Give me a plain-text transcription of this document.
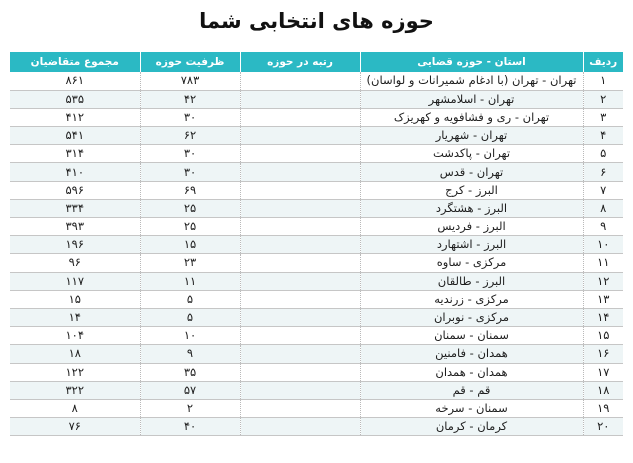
حوزه های انتخابی شما
ردیف	استان - حوزه قضایی	رتبه در حوزه	ظرفیت حوزه	مجموع متقاضیان
۱	تهران - تهران (با ادغام شمیرانات و لواسان)		۷۸۳	۸۶۱
۲	تهران - اسلامشهر		۴۲	۵۳۵
۳	تهران - ری و فشافویه و کهریزک		۳۰	۴۱۲
۴	تهران - شهریار		۶۲	۵۴۱
۵	تهران - پاکدشت		۳۰	۳۱۴
۶	تهران - قدس		۳۰	۴۱۰
۷	البرز - کرج		۶۹	۵۹۶
۸	البرز - هشتگرد		۲۵	۳۳۴
۹	البرز - فردیس		۲۵	۳۹۳
۱۰	البرز - اشتهارد		۱۵	۱۹۶
۱۱	مرکزی - ساوه		۲۳	۹۶
۱۲	البرز - طالقان		۱۱	۱۱۷
۱۳	مرکزی - زرندیه		۵	۱۵
۱۴	مرکزی - نوبران		۵	۱۴
۱۵	سمنان - سمنان		۱۰	۱۰۴
۱۶	همدان - فامنین		۹	۱۸
۱۷	همدان - همدان		۳۵	۱۲۲
۱۸	قم - قم		۵۷	۳۲۲
۱۹	سمنان - سرخه		۲	۸
۲۰	کرمان - کرمان		۴۰	۷۶
